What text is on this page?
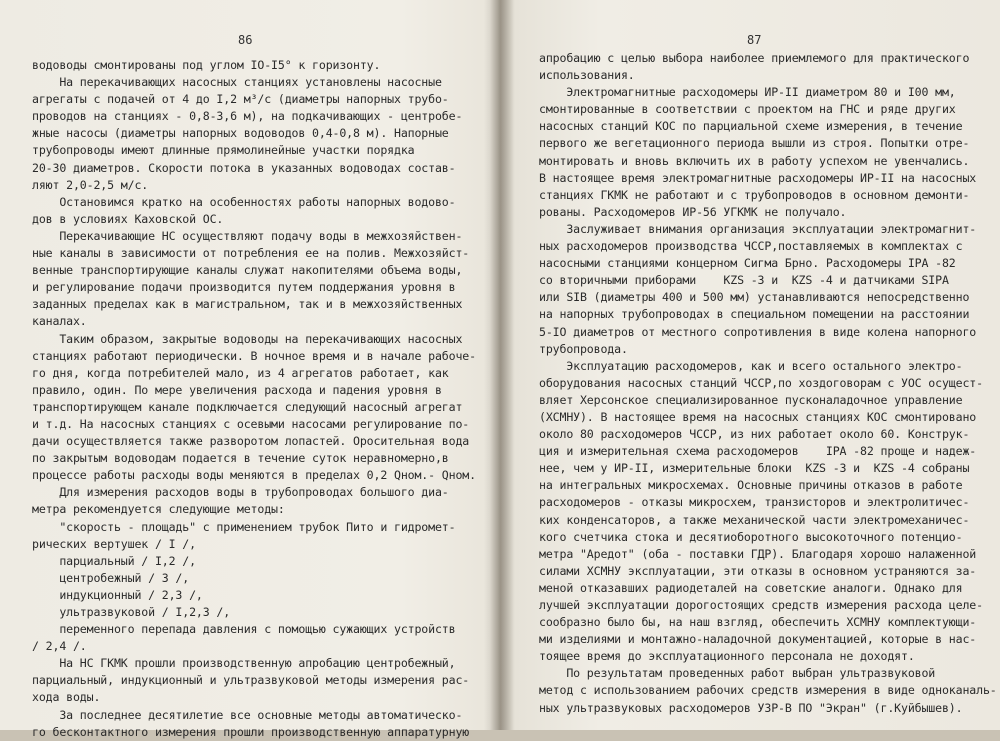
86
водоводы смонтированы под углом IO-I5° к горизонту.
На перекачивающих насосных станциях установлены насосные
агрегаты с подачей от 4 до I,2 м³/с (диаметры напорных трубо-
проводов на станциях - 0,8-3,6 м), на подкачивающих - центробе-
жные насосы (диаметры напорных водоводов 0,4-0,8 м). Напорные
трубопроводы имеют длинные прямолинейные участки порядка
20-30 диаметров. Скорости потока в указанных водоводах состав-
ляют 2,0-2,5 м/с.
Остановимся кратко на особенностях работы напорных водово-
дов в условиях Каховской ОС.
Перекачивающие НС осуществляют подачу воды в межхозяйствен-
ные каналы в зависимости от потребления ее на полив. Межхозяйст-
венные транспортирующие каналы служат накопителями объема воды,
и регулирование подачи производится путем поддержания уровня в
заданных пределах как в магистральном, так и в межхозяйственных
каналах.
Таким образом, закрытые водоводы на перекачивающих насосных
станциях работают периодически. В ночное время и в начале рабоче-
го дня, когда потребителей мало, из 4 агрегатов работает, как
правило, один. По мере увеличения расхода и падения уровня в
транспортирующем канале подключается следующий насосный агрегат
и т.д. На насосных станциях с осевыми насосами регулирование по-
дачи осуществляется также разворотом лопастей. Оросительная вода
по закрытым водоводам подается в течение суток неравномерно,в
процессе работы расходы воды меняются в пределах 0,2 Qном.- Qном.
Для измерения расходов воды в трубопроводах большого диа-
метра рекомендуется следующие методы:
"скорость - площадь" с применением трубок Пито и гидромет-
рических вертушек / I /,
парциальный / I,2 /,
центробежный / 3 /,
индукционный / 2,3 /,
ультразвуковой / I,2,3 /,
переменного перепада давления с помощью сужающих устройств
/ 2,4 /.
На НС ГКМК прошли производственную апробацию центробежный,
парциальный, индукционный и ультразвуковой методы измерения рас-
хода воды.
За последнее десятилетие все основные методы автоматическо-
го бесконтактного измерения прошли производственную аппаратурную
87
апробацию с целью выбора наиболее приемлемого для практического
использования.
Электромагнитные расходомеры ИР-II диаметром 80 и I00 мм,
смонтированные в соответствии с проектом на ГНС и ряде других
насосных станций КОС по парциальной схеме измерения, в течение
первого же вегетационного периода вышли из строя. Попытки отре-
монтировать и вновь включить их в работу успехом не увенчались.
В настоящее время электромагнитные расходомеры ИР-II на насосных
станциях ГКМК не работают и с трубопроводов в основном демонти-
рованы. Расходомеров ИР-56 УГКМК не получало.
Заслуживает внимания организация эксплуатации электромагнит-
ных расходомеров производства ЧССР,поставляемых в комплектах с
насосными станциями концерном Сигма Брно. Расходомеры IPA -82
со вторичными приборами    KZS -3 и  KZS -4 и датчиками SIPA
или SIB (диаметры 400 и 500 мм) устанавливаются непосредственно
на напорных трубопроводах в специальном помещении на расстоянии
5-IO диаметров от местного сопротивления в виде колена напорного
трубопровода.
Эксплуатацию расходомеров, как и всего остального электро-
оборудования насосных станций ЧССР,по хоздоговорам с УОС осущест-
вляет Херсонское специализированное пусконаладочное управление
(ХСМНУ). В настоящее время на насосных станциях КОС смонтировано
около 80 расходомеров ЧССР, из них работает около 60. Конструк-
ция и измерительная схема расходомеров    IPA -82 проще и надеж-
нее, чем у ИР-II, измерительные блоки  KZS -3 и  KZS -4 собраны
на интегральных микросхемах. Основные причины отказов в работе
расходомеров - отказы микросхем, транзисторов и электролитичес-
ких конденсаторов, а также механической части электромеханичес-
кого счетчика стока и десятиоборотного высокоточного потенцио-
метра "Аредот" (оба - поставки ГДР). Благодаря хорошо налаженной
силами ХСМНУ эксплуатации, эти отказы в основном устраняются за-
меной отказавших радиодеталей на советские аналоги. Однако для
лучшей эксплуатации дорогостоящих средств измерения расхода целе-
сообразно было бы, на наш взгляд, обеспечить ХСМНУ комплектующи-
ми изделиями и монтажно-наладочной документацией, которые в нас-
тоящее время до эксплуатационного персонала не доходят.
По результатам проведенных работ выбран ультразвуковой
метод с использованием рабочих средств измерения в виде одноканаль-
ных ультразвуковых расходомеров УЗР-В ПО "Экран" (г.Куйбышев).
